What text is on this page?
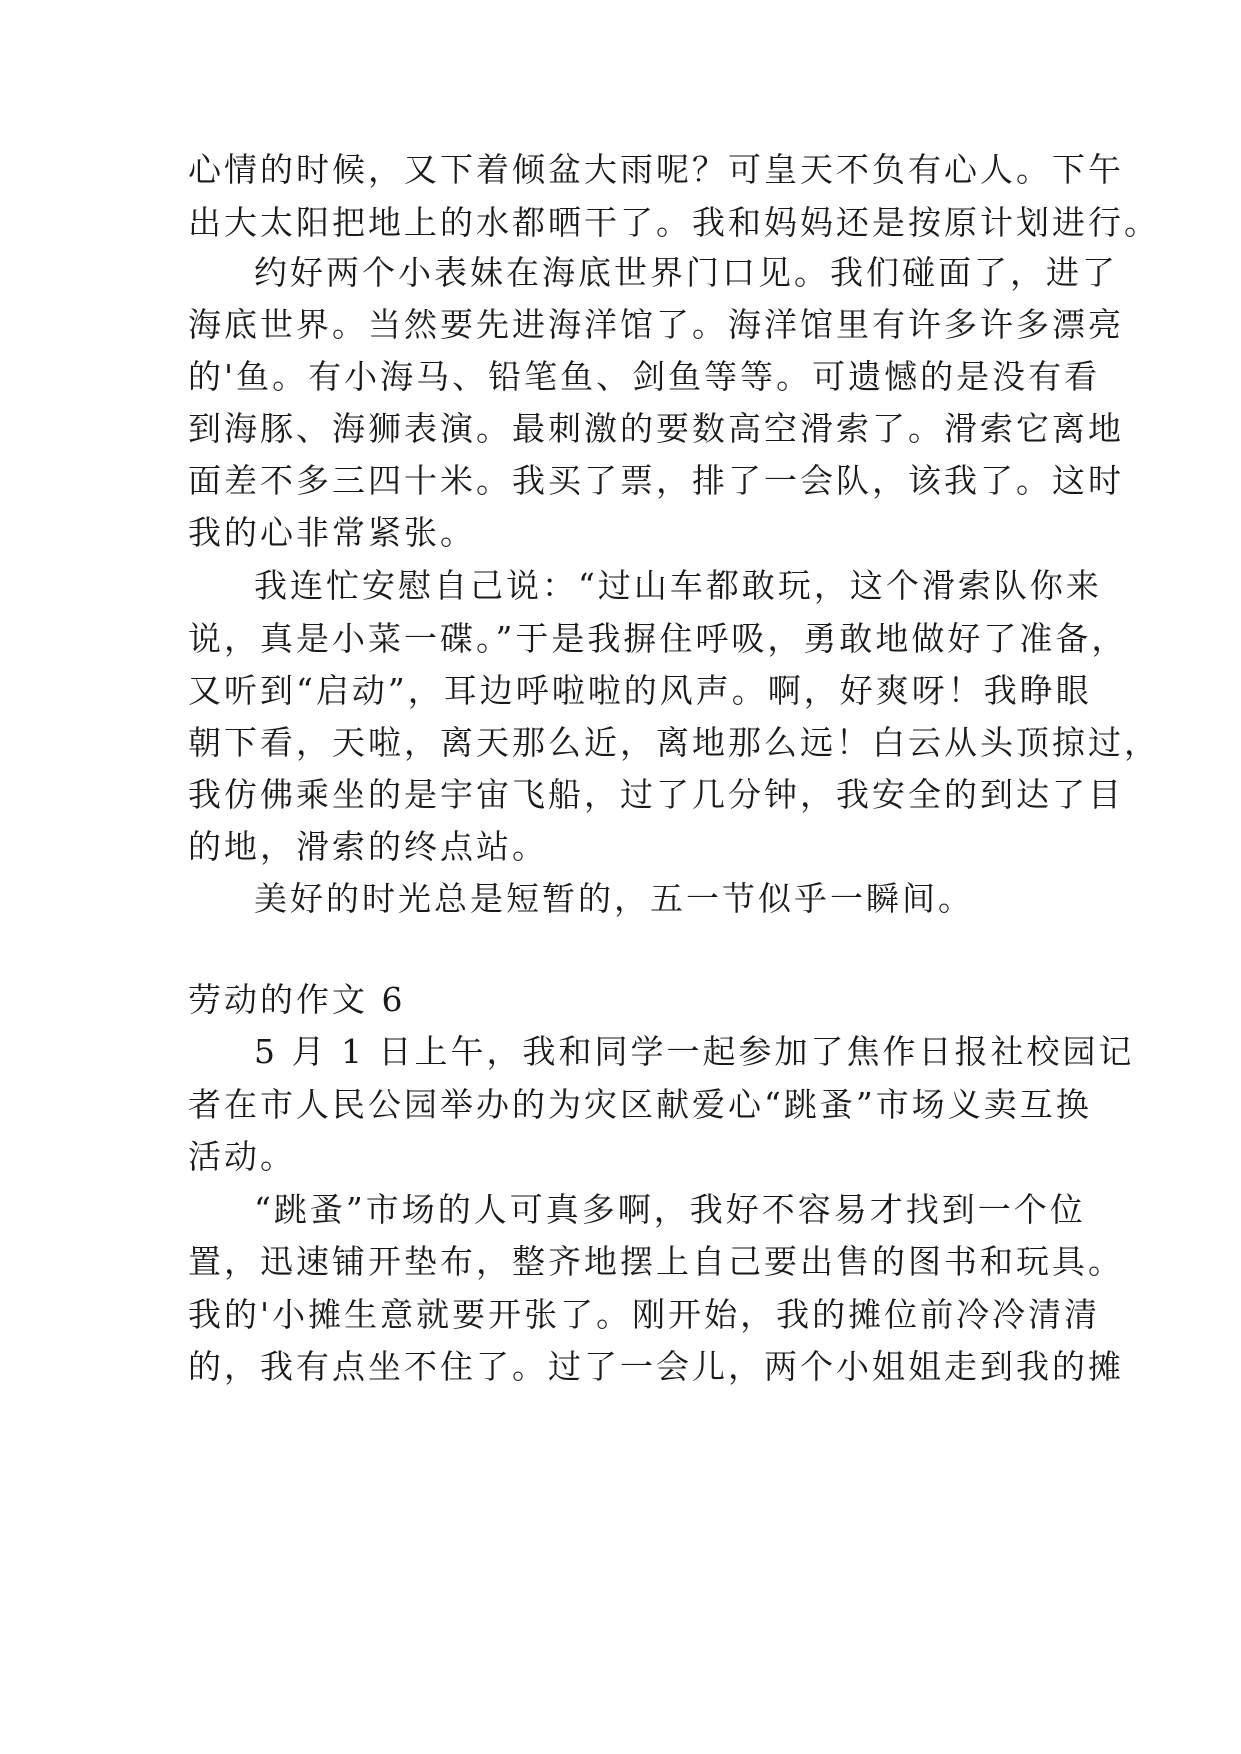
心情的时候，又下着倾盆大雨呢？可皇天不负有心人。下午
出大太阳把地上的水都晒干了。我和妈妈还是按原计划进行。
约好两个小表妹在海底世界门口见。我们碰面了，进了
海底世界。当然要先进海洋馆了。海洋馆里有许多许多漂亮
的'鱼。有小海马、铅笔鱼、剑鱼等等。可遗憾的是没有看
到海豚、海狮表演。最刺激的要数高空滑索了。滑索它离地
面差不多三四十米。我买了票，排了一会队，该我了。这时
我的心非常紧张。
我连忙安慰自己说：“过山车都敢玩，这个滑索队你来
说，真是小菜一碟。”于是我摒住呼吸，勇敢地做好了准备，
又听到“启动”，耳边呼啦啦的风声。啊，好爽呀！我睁眼
朝下看，天啦，离天那么近，离地那么远！白云从头顶掠过，
我仿佛乘坐的是宇宙飞船，过了几分钟，我安全的到达了目
的地，滑索的终点站。
美好的时光总是短暂的，五一节似乎一瞬间。
劳动的作文 6
5 月 1 日上午，我和同学一起参加了焦作日报社校园记
者在市人民公园举办的为灾区献爱心“跳蚤”市场义卖互换
活动。
“跳蚤”市场的人可真多啊，我好不容易才找到一个位
置，迅速铺开垫布，整齐地摆上自己要出售的图书和玩具。
我的'小摊生意就要开张了。刚开始，我的摊位前冷冷清清
的，我有点坐不住了。过了一会儿，两个小姐姐走到我的摊
